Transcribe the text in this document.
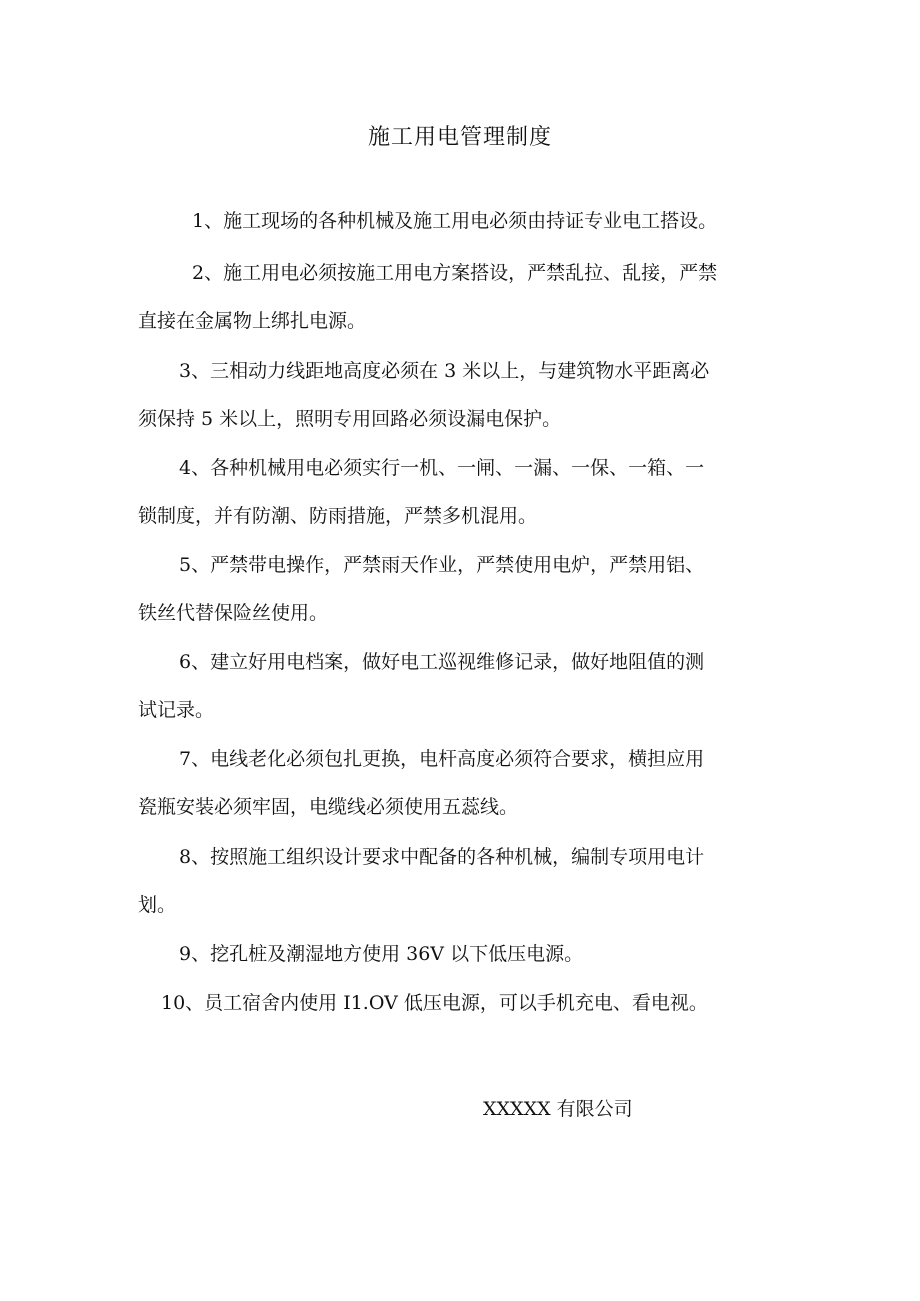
施工用电管理制度
1、施工现场的各种机械及施工用电必须由持证专业电工搭设。
2、施工用电必须按施工用电方案搭设，严禁乱拉、乱接，严禁
直接在金属物上绑扎电源。
3、三相动力线距地高度必须在 3 米以上，与建筑物水平距离必
须保持 5 米以上，照明专用回路必须设漏电保护。
4、各种机械用电必须实行一机、一闸、一漏、一保、一箱、一
锁制度，并有防潮、防雨措施，严禁多机混用。
5、严禁带电操作，严禁雨天作业，严禁使用电炉，严禁用铝、
铁丝代替保险丝使用。
6、建立好用电档案，做好电工巡视维修记录，做好地阻值的测
试记录。
7、电线老化必须包扎更换，电杆高度必须符合要求，横担应用
瓷瓶安装必须牢固，电缆线必须使用五蕊线。
8、按照施工组织设计要求中配备的各种机械，编制专项用电计
划。
9、挖孔桩及潮湿地方使用 36V 以下低压电源。
10、员工宿舍内使用 I1.OV 低压电源，可以手机充电、看电视。
XXXXX 有限公司
